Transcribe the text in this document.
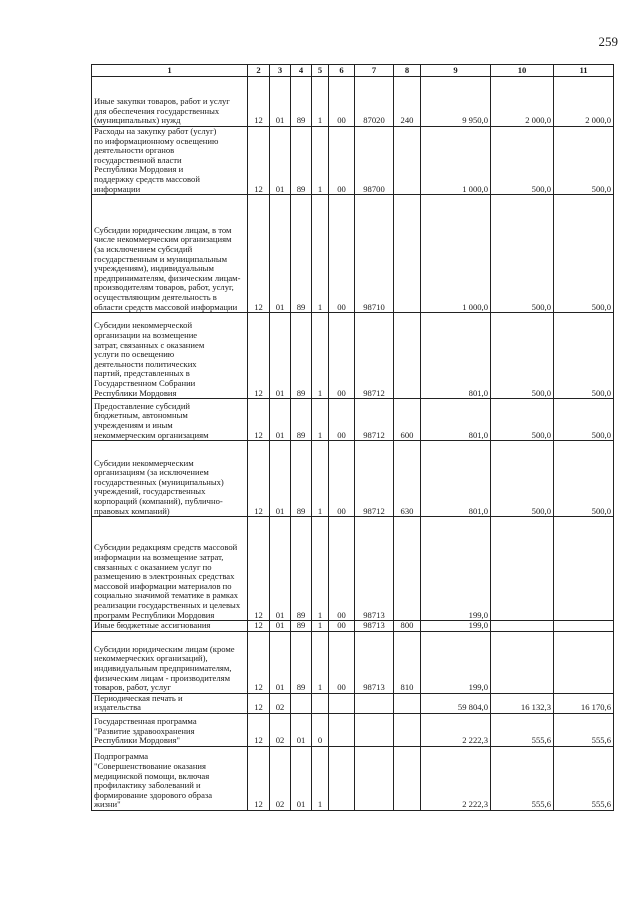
259
1	2	3	4	5	6	7	8	9	10	11

Иные закупки товаров, работ и услуг для обеспечения государственных (муниципальных) нужд	12	01	89	1	00	87020	240	9 950,0	2 000,0	2 000,0

Расходы на закупку работ (услуг) по информационному освещению деятельности органов государственной власти Республики Мордовия и поддержку средств массовой информации	12	01	89	1	00	98700		1 000,0	500,0	500,0

Субсидии юридическим лицам, в том числе некоммерческим организациям (за исключением субсидий государственным и муниципальным учреждениям), индивидуальным предпринимателям, физическим лицам- производителям товаров, работ, услуг, осуществляющим деятельность в области средств массовой информации	12	01	89	1	00	98710		1 000,0	500,0	500,0

Субсидии некоммерческой организации на возмещение затрат, связанных с оказанием услуги по освещению деятельности политических партий, представленных в Государственном Собрании Республики Мордовия	12	01	89	1	00	98712		801,0	500,0	500,0

Предоставление субсидий бюджетным, автономным учреждениям и иным некоммерческим организациям	12	01	89	1	00	98712	600	801,0	500,0	500,0

Субсидии некоммерческим организациям (за исключением государственных (муниципальных) учреждений, государственных корпораций (компаний), публично-правовых компаний)	12	01	89	1	00	98712	630	801,0	500,0	500,0

Субсидии редакциям средств массовой информации на возмещение затрат, связанных с оказанием услуг по размещению в электронных средствах массовой информации материалов по социально значимой тематике в рамках реализации государственных и целевых программ Республики Мордовия	12	01	89	1	00	98713		199,0		

Иные бюджетные ассигнования	12	01	89	1	00	98713	800	199,0		

Субсидии юридическим лицам (кроме некоммерческих организаций), индивидуальным предпринимателям, физическим лицам - производителям товаров, работ, услуг	12	01	89	1	00	98713	810	199,0		

Периодическая печать и издательства	12	02						59 804,0	16 132,3	16 170,6

Государственная программа "Развитие здравоохранения Республики Мордовия"	12	02	01	0				2 222,3	555,6	555,6

Подпрограмма "Совершенствование оказания медицинской помощи, включая профилактику заболеваний и формирование здорового образа жизни"	12	02	01	1				2 222,3	555,6	555,6
